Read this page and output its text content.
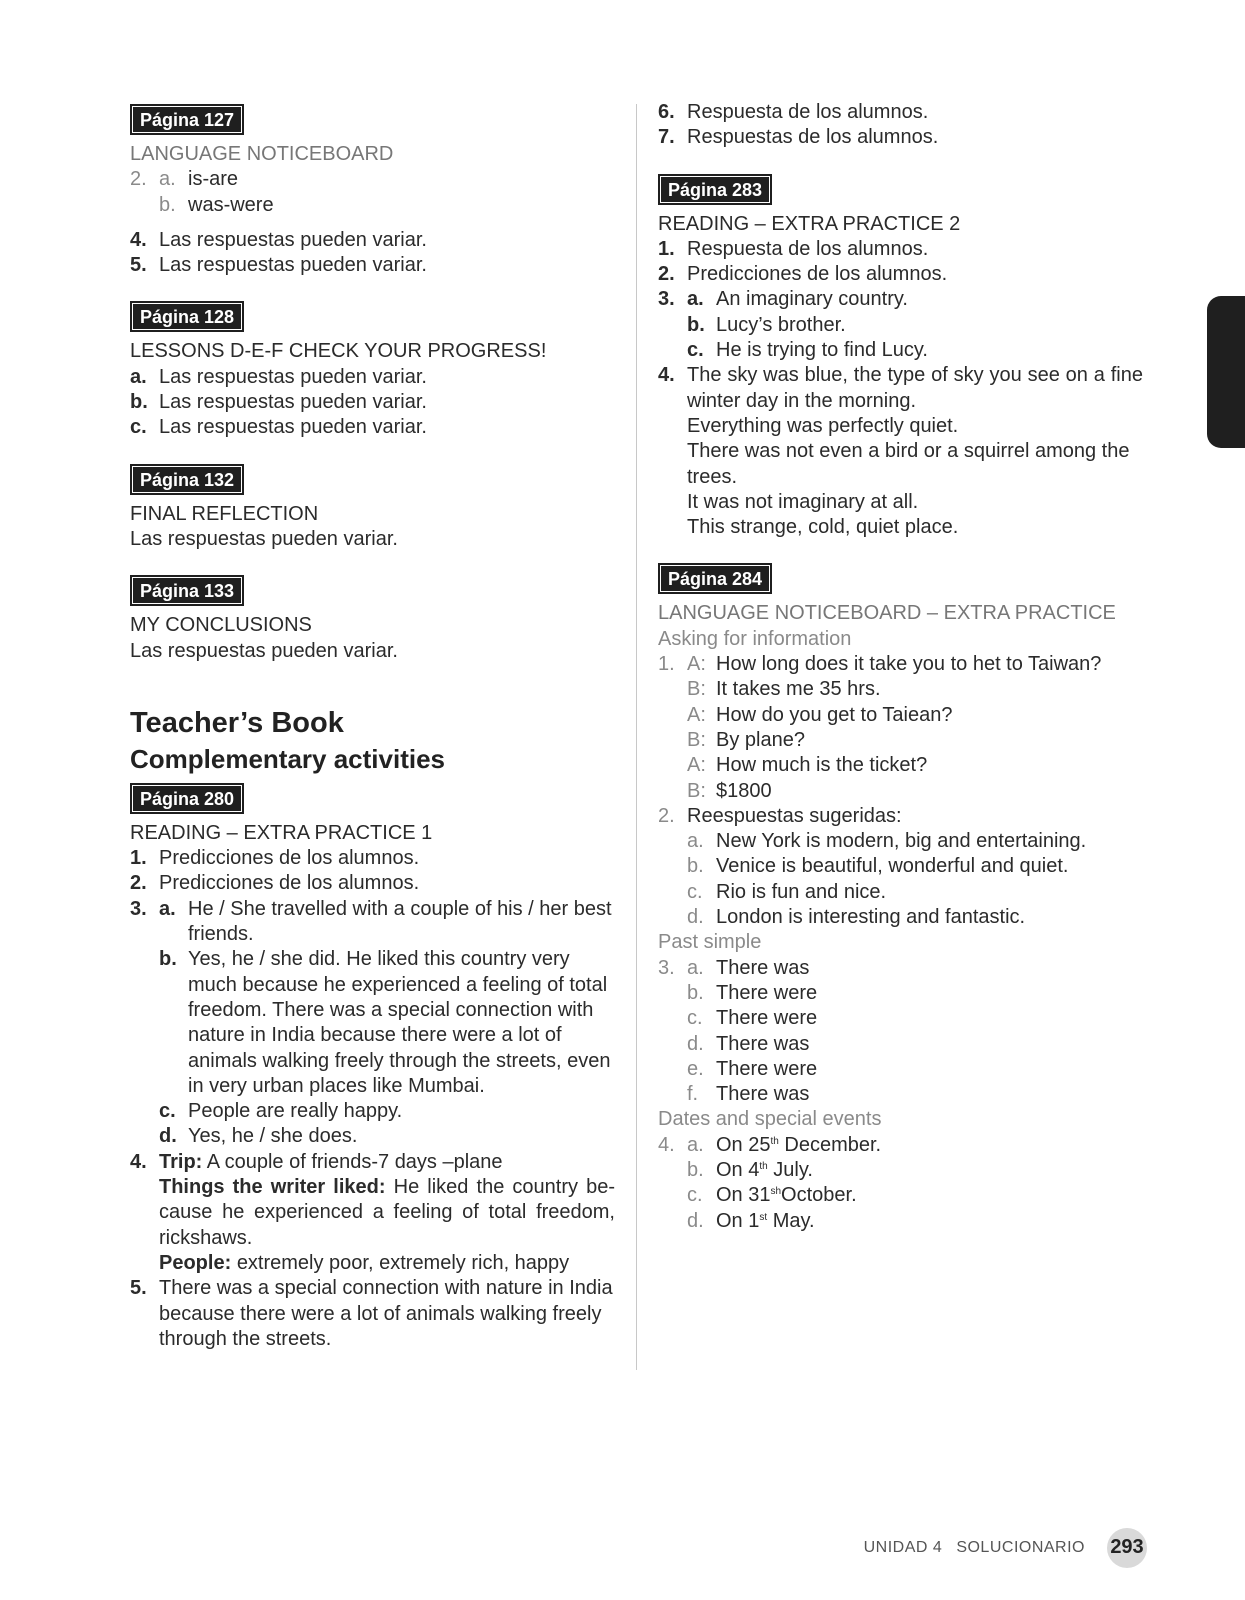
Página 127
LANGUAGE NOTICEBOARD
2. a. is-are
b. was-were
4. Las respuestas pueden variar.
5. Las respuestas pueden variar.
Página 128
LESSONS D-E-F CHECK YOUR PROGRESS!
a. Las respuestas pueden variar.
b. Las respuestas pueden variar.
c. Las respuestas pueden variar.
Página 132
FINAL REFLECTION
Las respuestas pueden variar.
Página 133
MY CONCLUSIONS
Las respuestas pueden variar.
Teacher’s Book
Complementary activities
Página 280
READING – EXTRA PRACTICE 1
1. Predicciones de los alumnos.
2. Predicciones de los alumnos.
3. a. He / She travelled with a couple of his / her best friends.
b. Yes, he / she did. He liked this country very much because he experienced a feeling of total freedom. There was a special connection with nature in India because there were a lot of animals walking freely through the streets, even in very urban places like Mumbai.
c. People are really happy.
d. Yes, he / she does.
4. Trip: A couple of friends-7 days –plane
Things the writer liked: He liked the country be-cause he experienced a feeling of total freedom, rickshaws.
People: extremely poor, extremely rich, happy
5. There was a special connection with nature in India because there were a lot of animals walking freely through the streets.
6. Respuesta de los alumnos.
7. Respuestas de los alumnos.
Página 283
READING – EXTRA PRACTICE 2
1. Respuesta de los alumnos.
2. Predicciones de los alumnos.
3. a. An imaginary country.
b. Lucy’s brother.
c. He is trying to find Lucy.
4. The sky was blue, the type of sky you see on a fine winter day in the morning.
Everything was perfectly quiet.
There was not even a bird or a squirrel among the trees.
It was not imaginary at all.
This strange, cold, quiet place.
Página 284
LANGUAGE NOTICEBOARD – EXTRA PRACTICE
Asking for information
1. A: How long does it take you to het to Taiwan?
B: It takes me 35 hrs.
A: How do you get to Taiean?
B: By plane?
A: How much is the ticket?
B: $1800
2. Reespuestas sugeridas:
a. New York is modern, big and entertaining.
b. Venice is beautiful, wonderful and quiet.
c. Rio is fun and nice.
d. London is interesting and fantastic.
Past simple
3. a. There was
b. There were
c. There were
d. There was
e. There were
f. There was
Dates and special events
4. a. On 25th December.
b. On 4th July.
c. On $31^{sh}October$.
d. On 1st May.

UNIDAD 4 SOLUCIONARIO 293
